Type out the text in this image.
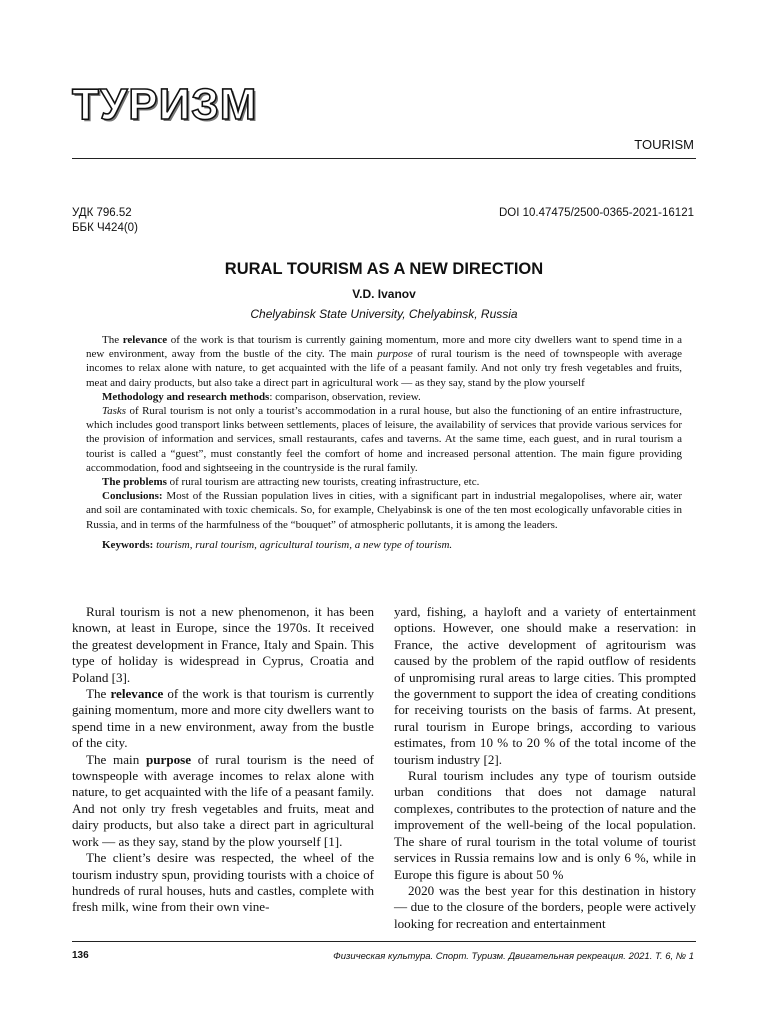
ТУРИЗМ
TOURISM
УДК 796.52
ББК Ч424(0)
DOI 10.47475/2500-0365-2021-16121
RURAL TOURISM AS A NEW DIRECTION
V.D. Ivanov
Chelyabinsk State University, Chelyabinsk, Russia

The relevance of the work is that tourism is currently gaining momentum, more and more city dwellers want to spend time in a new environment, away from the bustle of the city. The main purpose of rural tourism is the need of townspeople with average incomes to relax alone with nature, to get acquainted with the life of a peasant family. And not only try fresh vegetables and fruits, meat and dairy products, but also take a direct part in agricultural work — as they say, stand by the plow yourself

Methodology and research methods: comparison, observation, review.

Tasks of Rural tourism is not only a tourist’s accommodation in a rural house, but also the functioning of an entire infrastructure, which includes good transport links between settlements, places of leisure, the availability of services that provide various services for the provision of information and services, small restaurants, cafes and taverns. At the same time, each guest, and in rural tourism a tourist is called a “guest”, must constantly feel the comfort of home and increased personal attention. The main figure providing accommodation, food and sightseeing in the countryside is the rural family.

The problems of rural tourism are attracting new tourists, creating infrastructure, etc.

Conclusions: Most of the Russian population lives in cities, with a significant part in industrial megalopolises, where air, water and soil are contaminated with toxic chemicals. So, for example, Chelyabinsk is one of the ten most ecologically unfavorable cities in Russia, and in terms of the harmfulness of the “bouquet” of atmospheric pollutants, it is among the leaders.

Keywords: tourism, rural tourism, agricultural tourism, a new type of tourism.

Rural tourism is not a new phenomenon, it has been known, at least in Europe, since the 1970s. It received the greatest development in France, Italy and Spain. This type of holiday is widespread in Cyprus, Croatia and Poland [3].

The relevance of the work is that tourism is currently gaining momentum, more and more city dwellers want to spend time in a new environment, away from the bustle of the city.

The main purpose of rural tourism is the need of townspeople with average incomes to relax alone with nature, to get acquainted with the life of a peasant family. And not only try fresh vegetables and fruits, meat and dairy products, but also take a direct part in agricultural work — as they say, stand by the plow yourself [1].

The client’s desire was respected, the wheel of the tourism industry spun, providing tourists with a choice of hundreds of rural houses, huts and castles, complete with fresh milk, wine from their own vine-

yard, fishing, a hayloft and a variety of entertainment options. However, one should make a reservation: in France, the active development of agritourism was caused by the problem of the rapid outflow of residents of unpromising rural areas to large cities. This prompted the government to support the idea of creating conditions for receiving tourists on the basis of farms. At present, rural tourism in Europe brings, according to various estimates, from 10 % to 20 % of the total income of the tourism industry [2].

Rural tourism includes any type of tourism outside urban conditions that does not damage natural complexes, contributes to the protection of nature and the improvement of the well-being of the local population. The share of rural tourism in the total volume of tourist services in Russia remains low and is only 6 %, while in Europe this figure is about 50 %

2020 was the best year for this destination in history — due to the closure of the borders, people were actively looking for recreation and entertainment

136	Физическая культура. Спорт. Туризм. Двигательная рекреация. 2021. Т. 6, № 1
